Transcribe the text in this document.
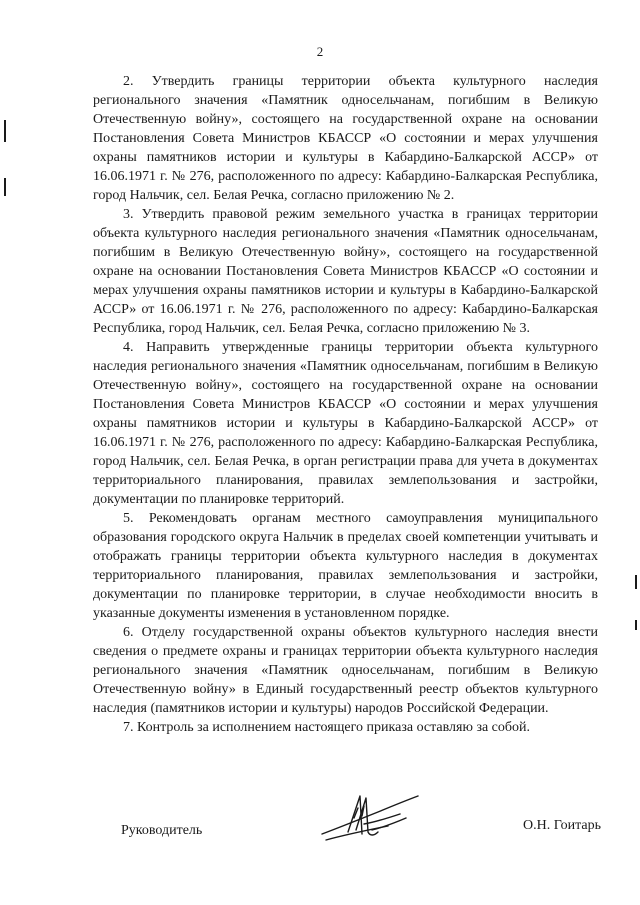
2

2. Утвердить границы территории объекта культурного наследия регионального значения «Памятник односельчанам, погибшим в Великую Отечественную войну», состоящего на государственной охране на основании Постановления Совета Министров КБАССР «О состоянии и мерах улучшения охраны памятников истории и культуры в Кабардино-Балкарской АССР» от 16.06.1971 г. № 276, расположенного по адресу: Кабардино-Балкарская Республика, город Нальчик, сел. Белая Речка, согласно приложению № 2.

3. Утвердить правовой режим земельного участка в границах территории объекта культурного наследия регионального значения «Памятник односельчанам, погибшим в Великую Отечественную войну», состоящего на государственной охране на основании Постановления Совета Министров КБАССР «О состоянии и мерах улучшения охраны памятников истории и культуры в Кабардино-Балкарской АССР» от 16.06.1971 г. № 276, расположенного по адресу: Кабардино-Балкарская Республика, город Нальчик, сел. Белая Речка, согласно приложению № 3.

4. Направить утвержденные границы территории объекта культурного наследия регионального значения «Памятник односельчанам, погибшим в Великую Отечественную войну», состоящего на государственной охране на основании Постановления Совета Министров КБАССР «О состоянии и мерах улучшения охраны памятников истории и культуры в Кабардино-Балкарской АССР» от 16.06.1971 г. № 276, расположенного по адресу: Кабардино-Балкарская Республика, город Нальчик, сел. Белая Речка, в орган регистрации права для учета в документах территориального планирования, правилах землепользования и застройки, документации по планировке территорий.

5. Рекомендовать органам местного самоуправления муниципального образования городского округа Нальчик в пределах своей компетенции учитывать и отображать границы территории объекта культурного наследия в документах территориального планирования, правилах землепользования и застройки, документации по планировке территории, в случае необходимости вносить в указанные документы изменения в установленном порядке.

6. Отделу государственной охраны объектов культурного наследия внести сведения о предмете охраны и границах территории объекта культурного наследия регионального значения «Памятник односельчанам, погибшим в Великую Отечественную войну» в Единый государственный реестр объектов культурного наследия (памятников истории и культуры) народов Российской Федерации.

7. Контроль за исполнением настоящего приказа оставляю за собой.

Руководитель	О.Н. Гоитарь
